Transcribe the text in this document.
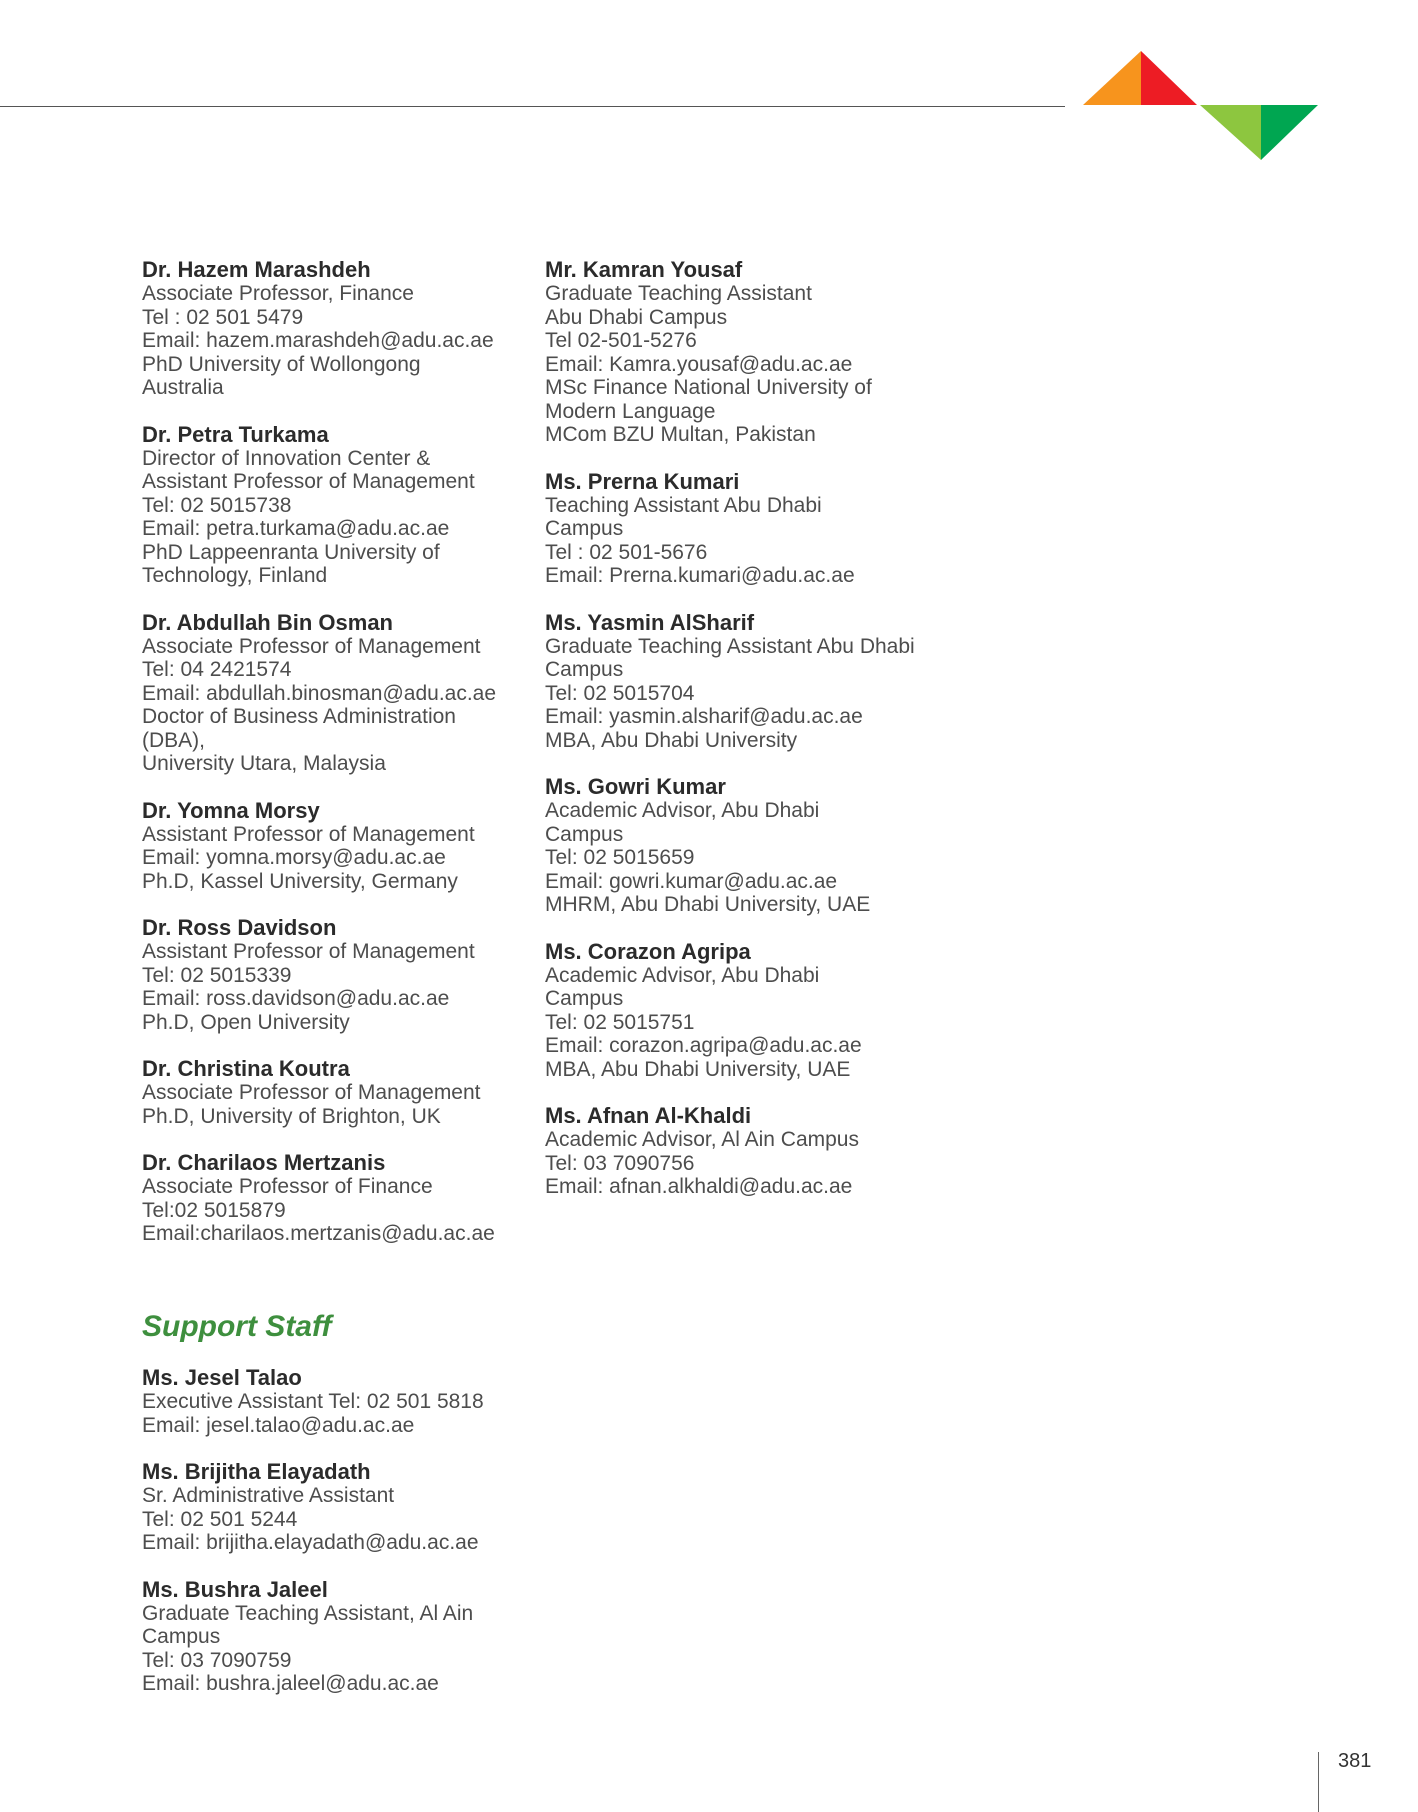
Dr. Hazem Marashdeh
Associate Professor, Finance
Tel : 02 501 5479
Email: hazem.marashdeh@adu.ac.ae
PhD University of Wollongong
Australia
Dr. Petra Turkama
Director of Innovation Center &
Assistant Professor of Management
Tel: 02 5015738
Email: petra.turkama@adu.ac.ae
PhD Lappeenranta University of
Technology, Finland
Dr. Abdullah Bin Osman
Associate Professor of Management
Tel: 04 2421574
Email: abdullah.binosman@adu.ac.ae
Doctor of Business Administration
(DBA),
University Utara, Malaysia
Dr. Yomna Morsy
Assistant Professor of Management
Email: yomna.morsy@adu.ac.ae
Ph.D, Kassel University, Germany
Dr. Ross Davidson
Assistant Professor of Management
Tel: 02 5015339
Email: ross.davidson@adu.ac.ae
Ph.D, Open University
Dr. Christina Koutra
Associate Professor of Management
Ph.D, University of Brighton, UK
Dr. Charilaos Mertzanis
Associate Professor of Finance
Tel:02 5015879
Email:charilaos.mertzanis@adu.ac.ae
Mr. Kamran Yousaf
Graduate Teaching Assistant
Abu Dhabi Campus
Tel 02-501-5276
Email: Kamra.yousaf@adu.ac.ae
MSc Finance National University of
Modern Language
MCom BZU Multan, Pakistan
Ms. Prerna Kumari
Teaching Assistant Abu Dhabi
Campus
Tel : 02 501-5676
Email: Prerna.kumari@adu.ac.ae
Ms. Yasmin AlSharif
Graduate Teaching Assistant Abu Dhabi
Campus
Tel: 02 5015704
Email: yasmin.alsharif@adu.ac.ae
MBA, Abu Dhabi University
Ms. Gowri Kumar
Academic Advisor, Abu Dhabi
Campus
Tel: 02 5015659
Email: gowri.kumar@adu.ac.ae
MHRM, Abu Dhabi University, UAE
Ms. Corazon Agripa
Academic Advisor, Abu Dhabi
Campus
Tel: 02 5015751
Email: corazon.agripa@adu.ac.ae
MBA, Abu Dhabi University, UAE
Ms. Afnan Al-Khaldi
Academic Advisor, Al Ain Campus
Tel: 03 7090756
Email: afnan.alkhaldi@adu.ac.ae
Support Staff
Ms. Jesel Talao
Executive Assistant Tel: 02 501 5818
Email: jesel.talao@adu.ac.ae
Ms. Brijitha Elayadath
Sr. Administrative Assistant
Tel: 02 501 5244
Email: brijitha.elayadath@adu.ac.ae
Ms. Bushra Jaleel
Graduate Teaching Assistant, Al Ain
Campus
Tel: 03 7090759
Email: bushra.jaleel@adu.ac.ae
381
